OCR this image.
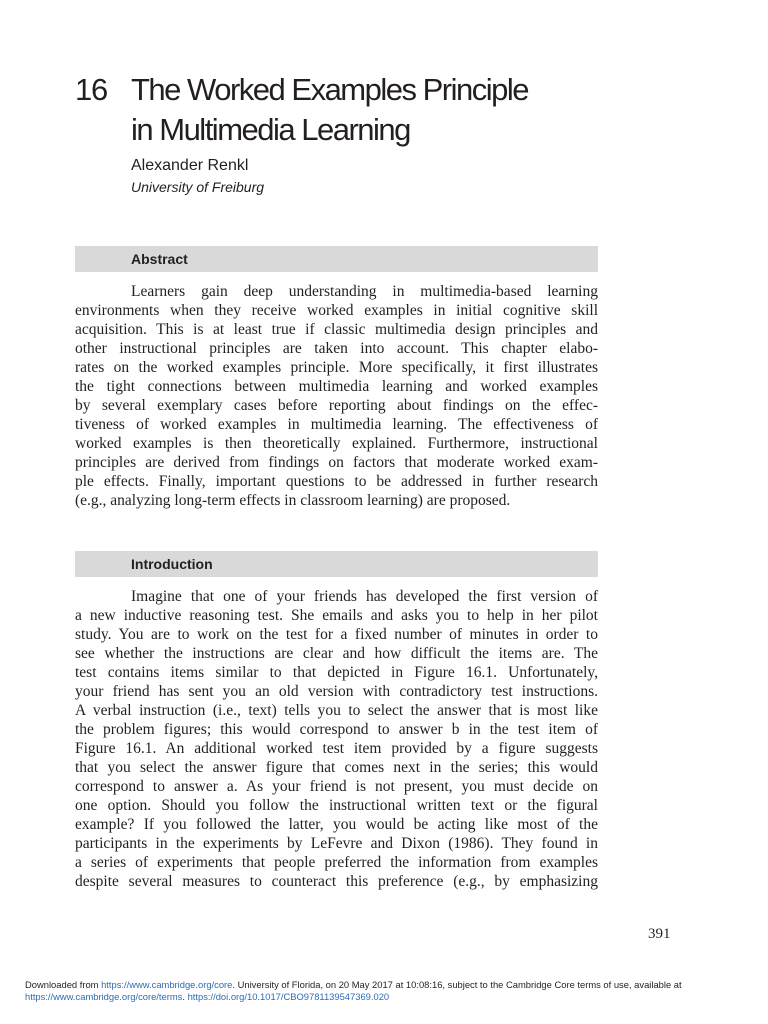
16 The Worked Examples Principle
in Multimedia Learning
Alexander Renkl
University of Freiburg
Abstract
Learners gain deep understanding in multimedia-based learning
environments when they receive worked examples in initial cognitive skill
acquisition. This is at least true if classic multimedia design principles and
other instructional principles are taken into account. This chapter elabo-
rates on the worked examples principle. More specifically, it first illustrates
the tight connections between multimedia learning and worked examples
by several exemplary cases before reporting about findings on the effec-
tiveness of worked examples in multimedia learning. The effectiveness of
worked examples is then theoretically explained. Furthermore, instructional
principles are derived from findings on factors that moderate worked exam-
ple effects. Finally, important questions to be addressed in further research
(e.g., analyzing long-term effects in classroom learning) are proposed.
Introduction
Imagine that one of your friends has developed the first version of
a new inductive reasoning test. She emails and asks you to help in her pilot
study. You are to work on the test for a fixed number of minutes in order to
see whether the instructions are clear and how difficult the items are. The
test contains items similar to that depicted in Figure 16.1. Unfortunately,
your friend has sent you an old version with contradictory test instructions.
A verbal instruction (i.e., text) tells you to select the answer that is most like
the problem figures; this would correspond to answer b in the test item of
Figure 16.1. An additional worked test item provided by a figure suggests
that you select the answer figure that comes next in the series; this would
correspond to answer a. As your friend is not present, you must decide on
one option. Should you follow the instructional written text or the figural
example? If you followed the latter, you would be acting like most of the
participants in the experiments by LeFevre and Dixon (1986). They found in
a series of experiments that people preferred the information from examples
despite several measures to counteract this preference (e.g., by emphasizing
391
Downloaded from https://www.cambridge.org/core. University of Florida, on 20 May 2017 at 10:08:16, subject to the Cambridge Core terms of use, available at
https://www.cambridge.org/core/terms. https://doi.org/10.1017/CBO9781139547369.020
